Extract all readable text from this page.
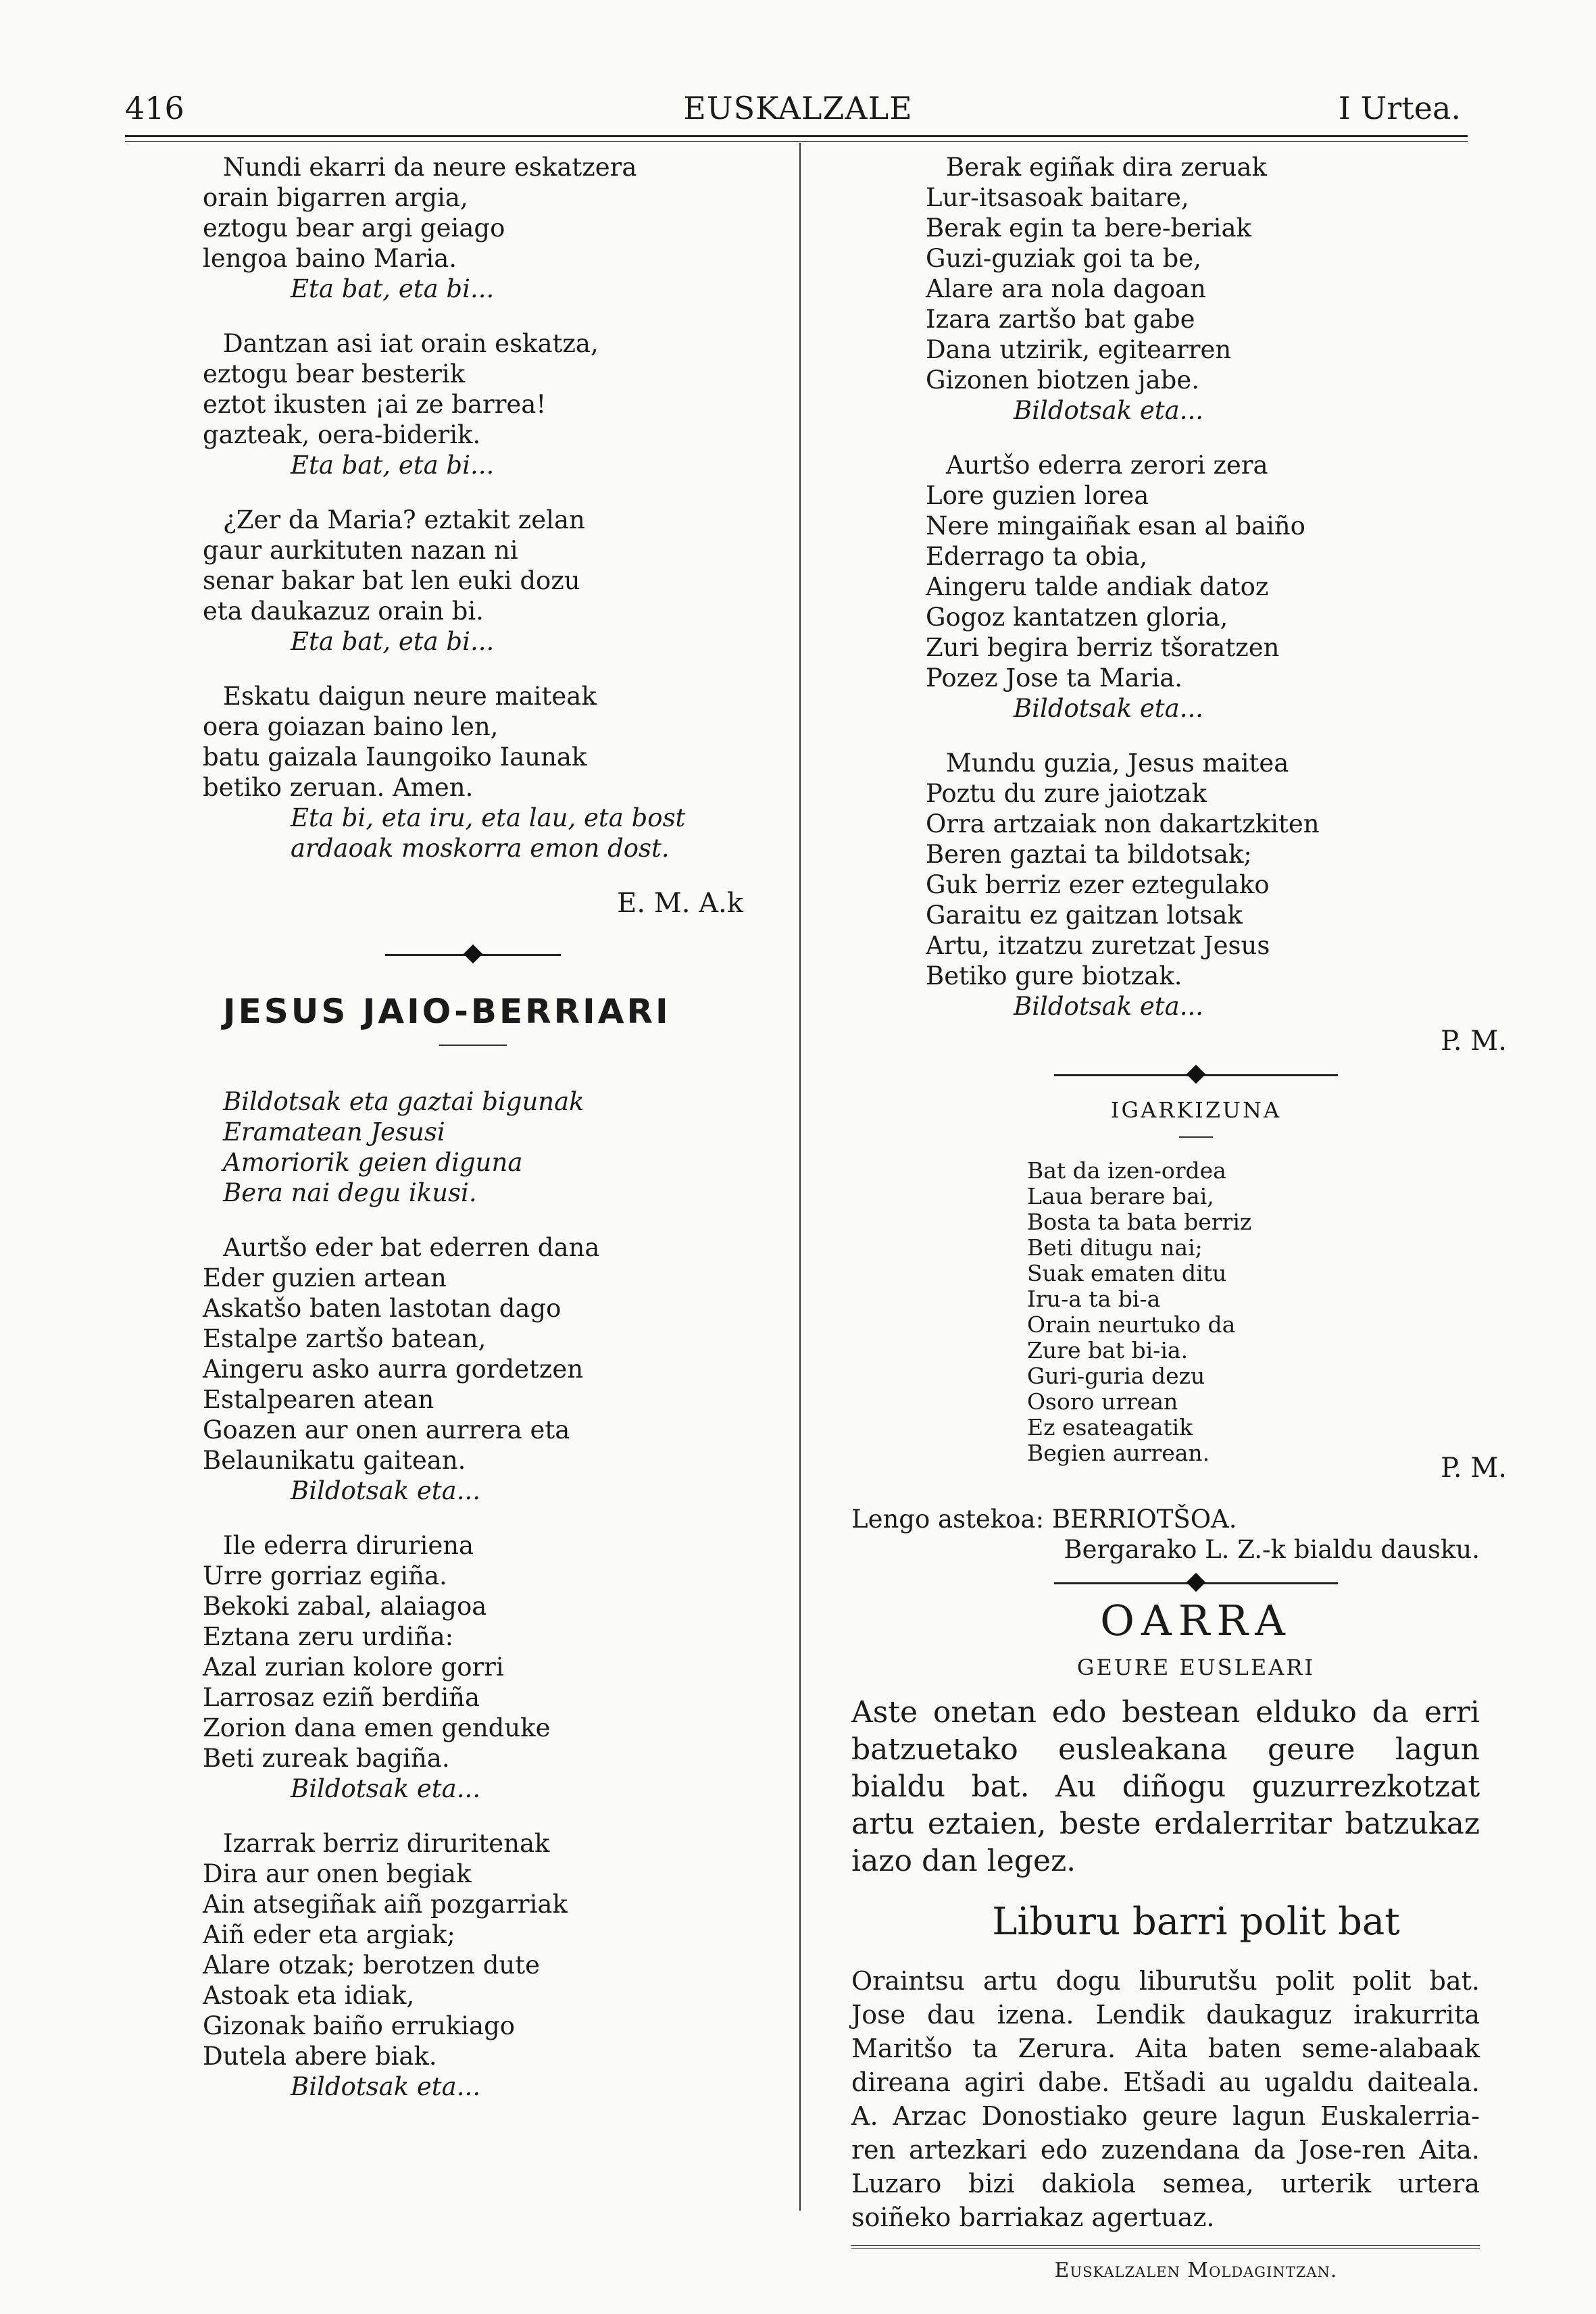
416	EUSKALZALE	I Urtea.
Nundi ekarri da neure eskatzera
orain bigarren argia,
eztogu bear argi geiago
lengoa baino Maria.
Eta bat, eta bi...
Dantzan asi iat orain eskatza,
eztogu bear besterik
eztot ikusten ¡ai ze barrea!
gazteak, oera-biderik.
Eta bat, eta bi...
¿Zer da Maria? eztakit zelan
gaur aurkituten nazan ni
senar bakar bat len euki dozu
eta daukazuz orain bi.
Eta bat, eta bi...
Eskatu daigun neure maiteak
oera goiazan baino len,
batu gaizala Iaungoiko Iaunak
betiko zeruan. Amen.
Eta bi, eta iru, eta lau, eta bost
ardaoak moskorra emon dost.
E. M. A.k
JESUS JAIO-BERRIARI
Bildotsak eta gaztai bigunak
Eramatean Jesusi
Amoriorik geien diguna
Bera nai degu ikusi.
Aurtšo eder bat ederren dana
Eder guzien artean
Askatšo baten lastotan dago
Estalpe zartšo batean,
Aingeru asko aurra gordetzen
Estalpearen atean
Goazen aur onen aurrera eta
Belaunikatu gaitean.
Bildotsak eta...
Ile ederra diruriena
Urre gorriaz egiña.
Bekoki zabal, alaiagoa
Eztana zeru urdiña:
Azal zurian kolore gorri
Larrosaz eziñ berdiña
Zorion dana emen genduke
Beti zureak bagiña.
Bildotsak eta...
Izarrak berriz diruritenak
Dira aur onen begiak
Ain atsegiñak aiñ pozgarriak
Aiñ eder eta argiak;
Alare otzak; berotzen dute
Astoak eta idiak,
Gizonak baiño errukiago
Dutela abere biak.
Bildotsak eta...
Berak egiñak dira zeruak
Lur-itsasoak baitare,
Berak egin ta bere-beriak
Guzi-guziak goi ta be,
Alare ara nola dagoan
Izara zartšo bat gabe
Dana utzirik, egitearren
Gizonen biotzen jabe.
Bildotsak eta...
Aurtšo ederra zerori zera
Lore guzien lorea
Nere mingaiñak esan al baiño
Ederrago ta obia,
Aingeru talde andiak datoz
Gogoz kantatzen gloria,
Zuri begira berriz tšoratzen
Pozez Jose ta Maria.
Bildotsak eta...
Mundu guzia, Jesus maitea
Poztu du zure jaiotzak
Orra artzaiak non dakartzkiten
Beren gaztai ta bildotsak;
Guk berriz ezer eztegulako
Garaitu ez gaitzan lotsak
Artu, itzatzu zuretzat Jesus
Betiko gure biotzak.
Bildotsak eta...
P. M.
IGARKIZUNA
Bat da izen-ordea
Laua berare bai,
Bosta ta bata berriz
Beti ditugu nai;
Suak ematen ditu
Iru-a ta bi-a
Orain neurtuko da
Zure bat bi-ia.
Guri-guria dezu
Osoro urrean
Ez esateagatik
Begien aurrean.	P. M.
Lengo astekoa: BERRIOTŠOA.
Bergarako L. Z.-k bialdu dausku.
OARRA
GEURE EUSLEARI
Aste onetan edo bestean elduko da erri batzuetako eusleakana geure lagun bialdu bat. Au diñogu guzurrezkotzat artu eztaien, beste erdalerritar batzukaz iazo dan legez.
Liburu barri polit bat
Oraintsu artu dogu liburutšu polit polit bat. Jose dau izena. Lendik daukaguz irakurrita Maritšo ta Zerura. Aita baten seme-alabaak direana agiri dabe. Etšadi au ugaldu daiteala. A. Arzac Donostiako geure lagun Euskalerria-ren artezkari edo zuzendana da Jose-ren Aita. Luzaro bizi dakiola semea, urterik urtera soiñeko barriakaz agertuaz.
Euskalzalen Moldagintzan.
